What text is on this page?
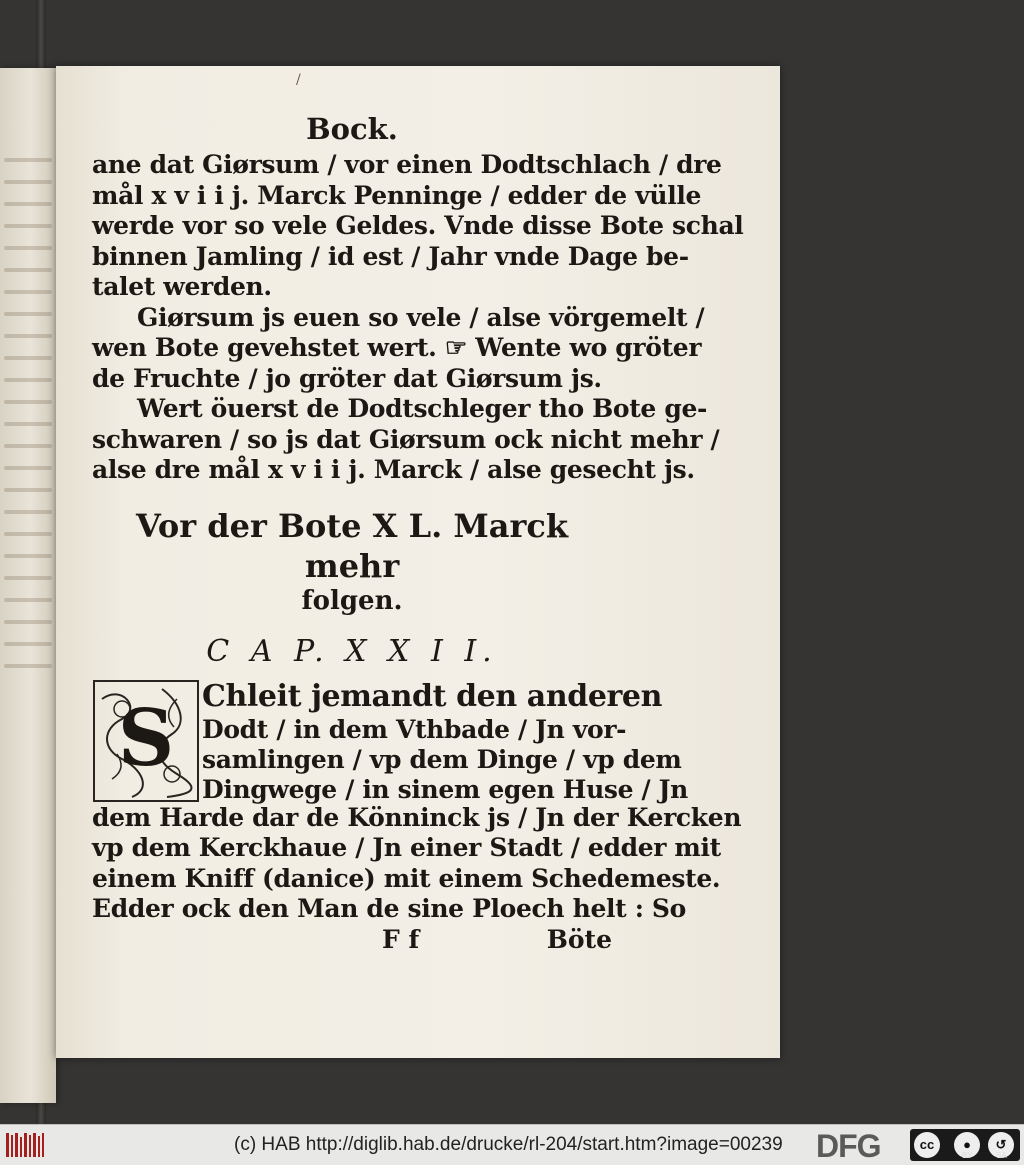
/
Bock.
ane dat Giørsum / vor einen Dodtschlach / dre
mål x v i i j. Marck Penninge / edder de vülle
werde vor so vele Geldes. Vnde disse Bote schal
binnen Jamling / id est / Jahr vnde Dage be-
talet werden.
Giørsum js euen so vele / alse vörgemelt /
wen Bote gevehstet wert. ☞ Wente wo gröter
de Fruchte / jo gröter dat Giørsum js.
Wert öuerst de Dodtschleger tho Bote ge-
schwaren / so js dat Giørsum ock nicht mehr /
alse dre mål x v i i j. Marck / alse gesecht js.
Vor der Bote X L. Marck mehr
folgen.
C A P. X X I I.
S Chleit jemandt den anderen
Dodt / in dem Vthbade / Jn vor-
samlingen / vp dem Dinge / vp dem
Dingwege / in sinem egen Huse / Jn
dem Harde dar de Könninck js / Jn der Kercken
vp dem Kerckhaue / Jn einer Stadt / edder mit
einem Kniff (danice) mit einem Schedemeste.
Edder ock den Man de sine Ploech helt : So
F f	Böte
(c) HAB http://diglib.hab.de/drucke/rl-204/start.htm?image=00239 DFG	cc	●	↺
BY	SA
